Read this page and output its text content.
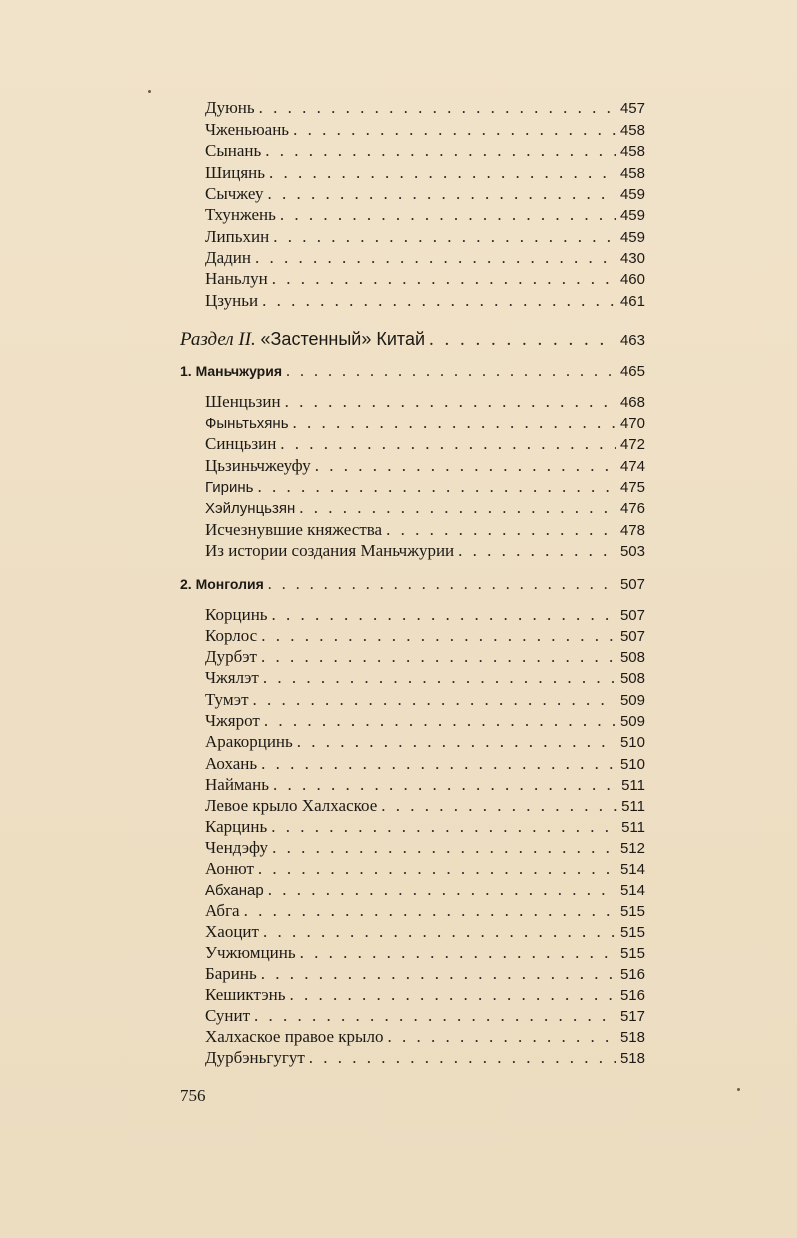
Дуюнь . . .	457
Чженьюань . . .	458
Сынань . . .	458
Шицянь . . .	458
Сычжеу . . .	459
Тхунжень . . .	459
Липьхин . . .	459
Дадин . . .	430
Наньлун . . .	460
Цзуньи . . .	461
Раздел II. «Застенный» Китай . . .	463
1. Маньчжурия . . .	465
Шенцьзин . . .	468
Фыньтьхянь . . .	470
Синцьзин . . .	472
Цьзиньчжеуфу . . .	474
Гиринь . . .	475
Хэйлунцьзян . . .	476
Исчезнувшие княжества . . .	478
Из истории создания Маньчжурии . . .	503
2. Монголия . . .	507
Корцинь . . .	507
Корлос . . .	507
Дурбэт . . .	508
Чжялэт . . .	508
Тумэт . . .	509
Чжярот . . .	509
Аракорцинь . . .	510
Аохань . . .	510
Наймань . . .	511
Левое крыло Халхаское . . .	511
Карцинь . . .	511
Чендэфу . . .	512
Аонют . . .	514
Абханар . . .	514
Абга . . .	515
Хаоцит . . .	515
Учжюмцинь . . .	515
Баринь . . .	516
Кешиктэнь . . .	516
Сунит . . .	517
Халхаское правое крыло . . .	518
Дурбэньгугут . . .	518
756
